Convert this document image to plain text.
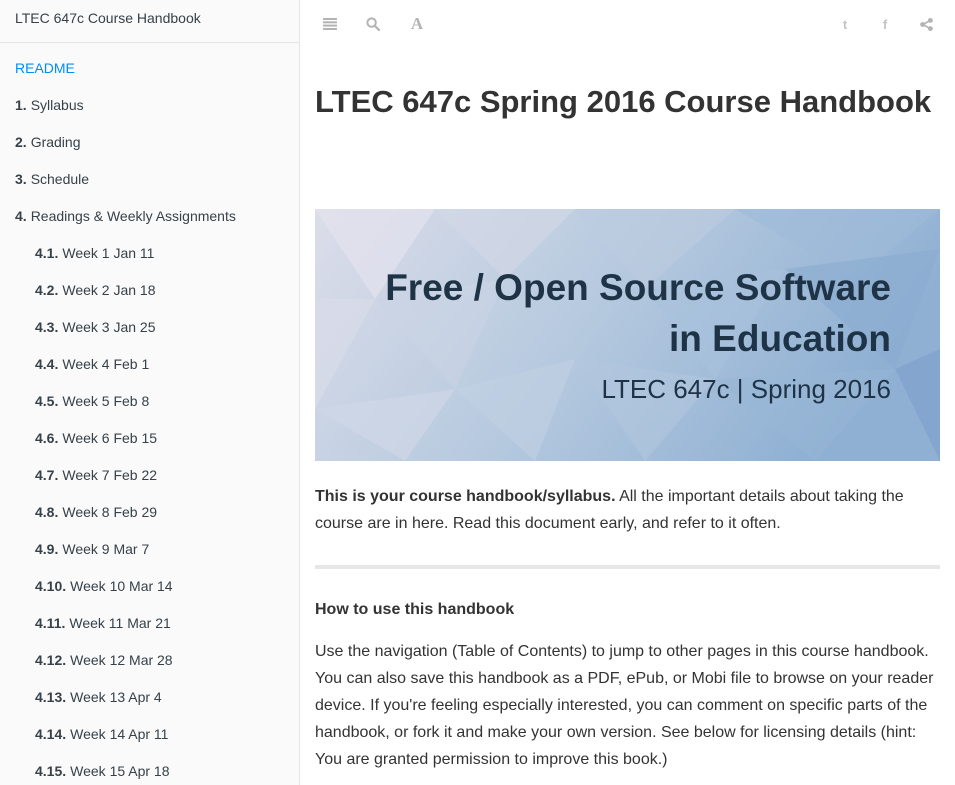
LTEC 647c Course Handbook
README
1. Syllabus
2. Grading
3. Schedule
4. Readings & Weekly Assignments
4.1. Week 1 Jan 11
4.2. Week 2 Jan 18
4.3. Week 3 Jan 25
4.4. Week 4 Feb 1
4.5. Week 5 Feb 8
4.6. Week 6 Feb 15
4.7. Week 7 Feb 22
4.8. Week 8 Feb 29
4.9. Week 9 Mar 7
4.10. Week 10 Mar 14
4.11. Week 11 Mar 21
4.12. Week 12 Mar 28
4.13. Week 13 Apr 4
4.14. Week 14 Apr 11
4.15. Week 15 Apr 18
A	t	f
LTEC 647c Spring 2016 Course Handbook
Free / Open Source Software
in Education
LTEC 647c | Spring 2016

This is your course handbook/syllabus. All the important details about taking the course are in here. Read this document early, and refer to it often.

How to use this handbook

Use the navigation (Table of Contents) to jump to other pages in this course handbook. You can also save this handbook as a PDF, ePub, or Mobi file to browse on your reader device. If you're feeling especially interested, you can comment on specific parts of the handbook, or fork it and make your own version. See below for licensing details (hint: You are granted permission to improve this book.)
